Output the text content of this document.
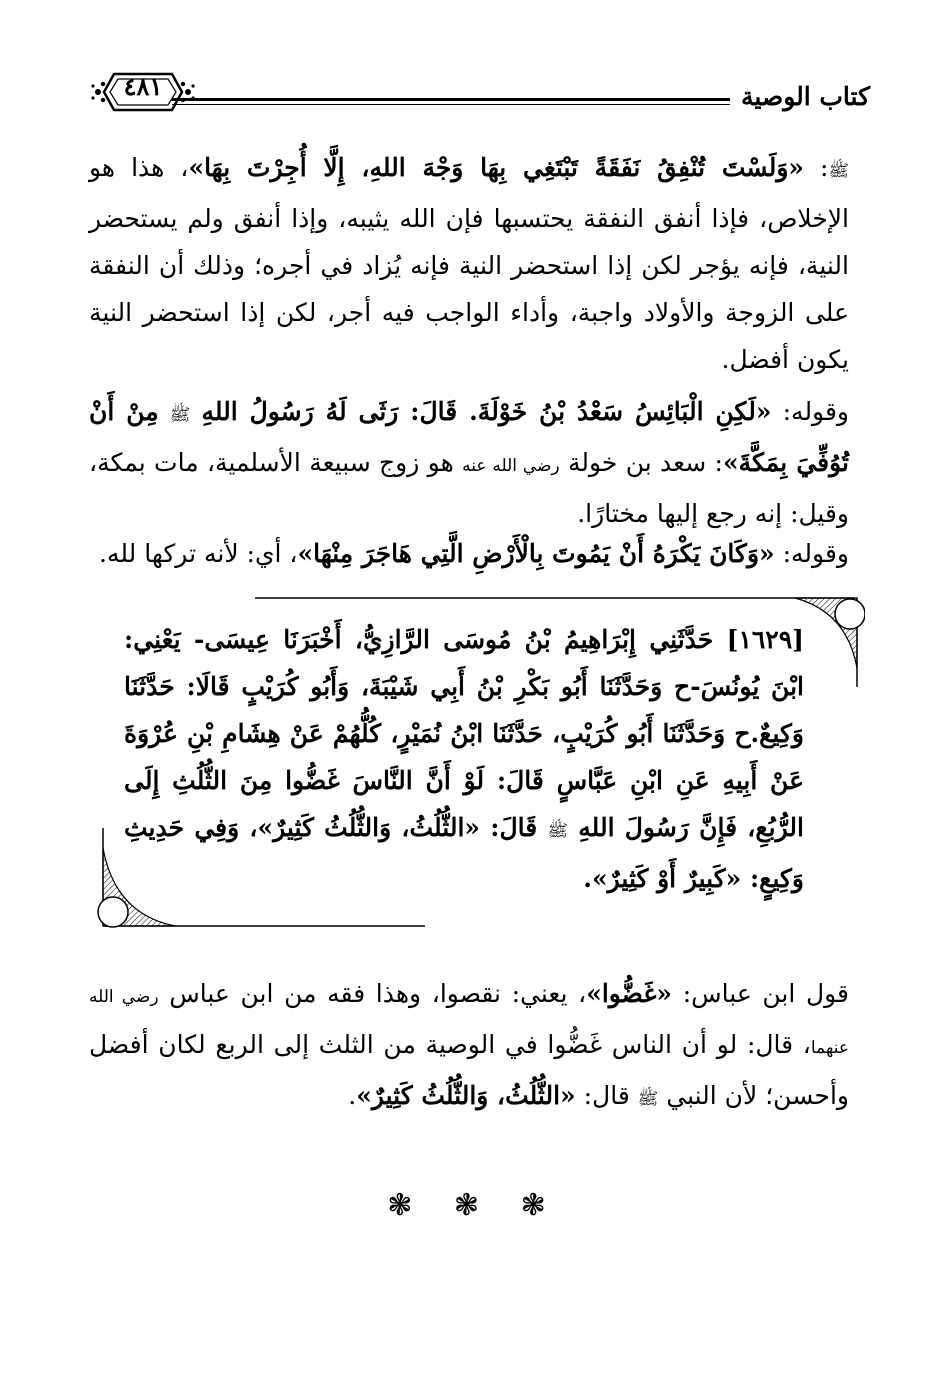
كتاب الوصية
٤٨١
ﷺ: «وَلَسْتَ تُنْفِقُ نَفَقَةً تَبْتَغِي بِهَا وَجْهَ اللهِ، إِلَّا أُجِرْتَ بِهَا»، هذا هو الإخلاص، فإذا أنفق النفقة يحتسبها فإن الله يثيبه، وإذا أنفق ولم يستحضر النية، فإنه يؤجر لكن إذا استحضر النية فإنه يُزاد في أجره؛ وذلك أن النفقة على الزوجة والأولاد واجبة، وأداء الواجب فيه أجر، لكن إذا استحضر النية يكون أفضل.
وقوله: «لَكِنِ الْبَائِسُ سَعْدُ بْنُ خَوْلَةَ. قَالَ: رَثَى لَهُ رَسُولُ اللهِ ﷺ مِنْ أَنْ تُوُفِّيَ بِمَكَّةَ»: سعد بن خولة رضي الله عنه هو زوج سبيعة الأسلمية، مات بمكة، وقيل: إنه رجع إليها مختارًا.
وقوله: «وَكَانَ يَكْرَهُ أَنْ يَمُوتَ بِالْأَرْضِ الَّتِي هَاجَرَ مِنْهَا»، أي: لأنه تركها لله.
[١٦٢٩] حَدَّثَنِي إِبْرَاهِيمُ بْنُ مُوسَى الرَّازِيُّ، أَخْبَرَنَا عِيسَى- يَعْنِي: ابْنَ يُونُسَ-ح وَحَدَّثَنَا أَبُو بَكْرِ بْنُ أَبِي شَيْبَةَ، وَأَبُو كُرَيْبٍ قَالَا: حَدَّثَنَا وَكِيعٌ.ح وَحَدَّثَنَا أَبُو كُرَيْبٍ، حَدَّثَنَا ابْنُ نُمَيْرٍ، كُلُّهُمْ عَنْ هِشَامِ بْنِ عُرْوَةَ عَنْ أَبِيهِ عَنِ ابْنِ عَبَّاسٍ قَالَ: لَوْ أَنَّ النَّاسَ غَضُّوا مِنَ الثُّلُثِ إِلَى الرُّبُعِ، فَإِنَّ رَسُولَ اللهِ ﷺ قَالَ: «الثُّلُثُ، وَالثُّلُثُ كَثِيرٌ»، وَفِي حَدِيثِ وَكِيعٍ: «كَبِيرٌ أَوْ كَثِيرٌ».
قول ابن عباس: «غَضُّوا»، يعني: نقصوا، وهذا فقه من ابن عباس رضي الله عنهما، قال: لو أن الناس غَضُّوا في الوصية من الثلث إلى الربع لكان أفضل وأحسن؛ لأن النبي ﷺ قال: «الثُّلُثُ، وَالثُّلُثُ كَثِيرٌ».
❃ ❃ ❃
